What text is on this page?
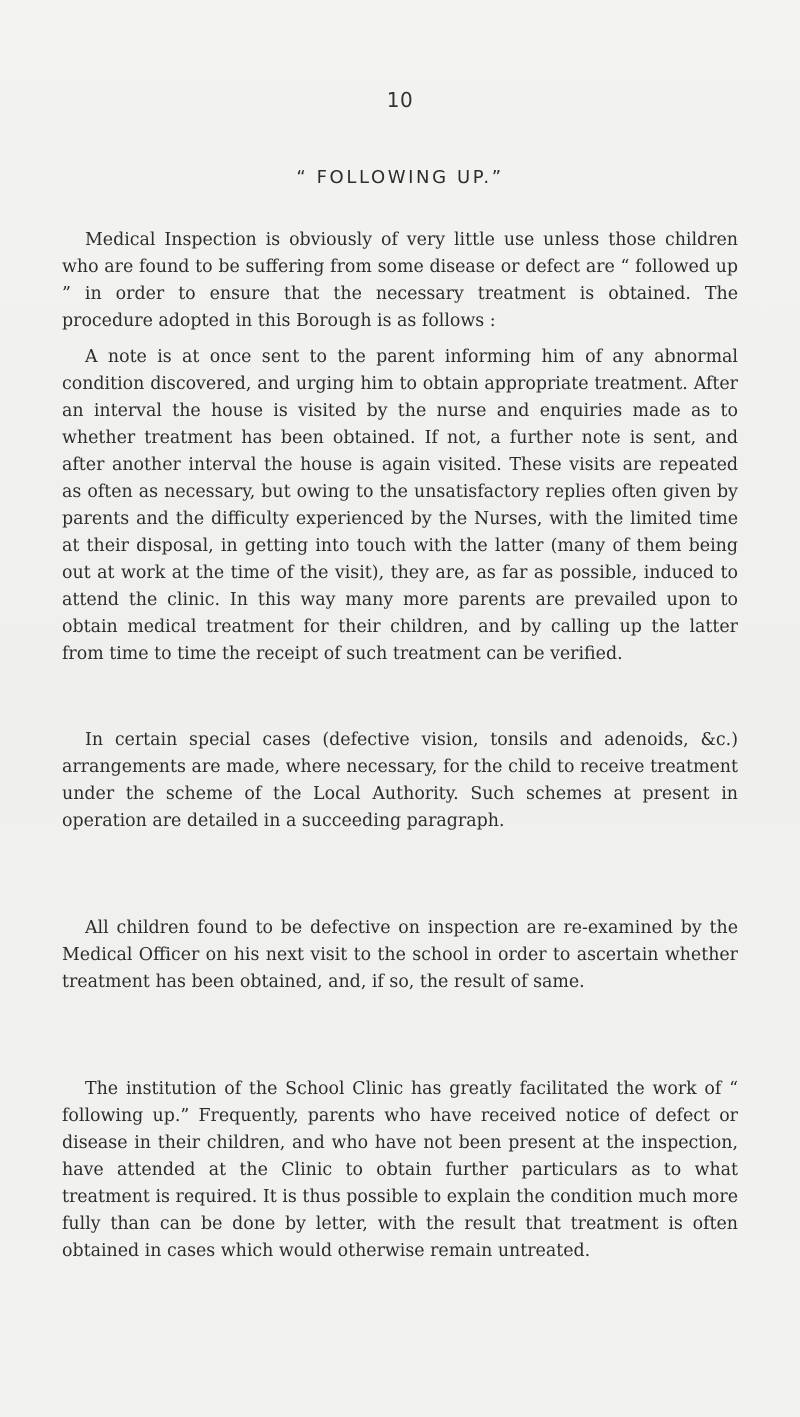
10
“ FOLLOWING UP.”

Medical Inspection is obviously of very little use unless those children who are found to be suffering from some disease or defect are “ followed up ” in order to ensure that the necessary treatment is obtained. The procedure adopted in this Borough is as follows :

A note is at once sent to the parent informing him of any abnormal condition discovered, and urging him to obtain appropriate treatment. After an interval the house is visited by the nurse and enquiries made as to whether treatment has been obtained. If not, a further note is sent, and after another interval the house is again visited. These visits are repeated as often as necessary, but owing to the unsatisfactory replies often given by parents and the difficulty experienced by the Nurses, with the limited time at their disposal, in getting into touch with the latter (many of them being out at work at the time of the visit), they are, as far as possible, induced to attend the clinic. In this way many more parents are prevailed upon to obtain medical treatment for their children, and by calling up the latter from time to time the receipt of such treatment can be verified.

In certain special cases (defective vision, tonsils and adenoids, &c.) arrangements are made, where necessary, for the child to receive treatment under the scheme of the Local Authority. Such schemes at present in operation are detailed in a succeeding paragraph.

All children found to be defective on inspection are re-examined by the Medical Officer on his next visit to the school in order to ascertain whether treatment has been obtained, and, if so, the result of same.

The institution of the School Clinic has greatly facilitated the work of “ following up.” Frequently, parents who have received notice of defect or disease in their children, and who have not been present at the inspection, have attended at the Clinic to obtain further particulars as to what treatment is required. It is thus possible to explain the condition much more fully than can be done by letter, with the result that treatment is often obtained in cases which would otherwise remain untreated.
